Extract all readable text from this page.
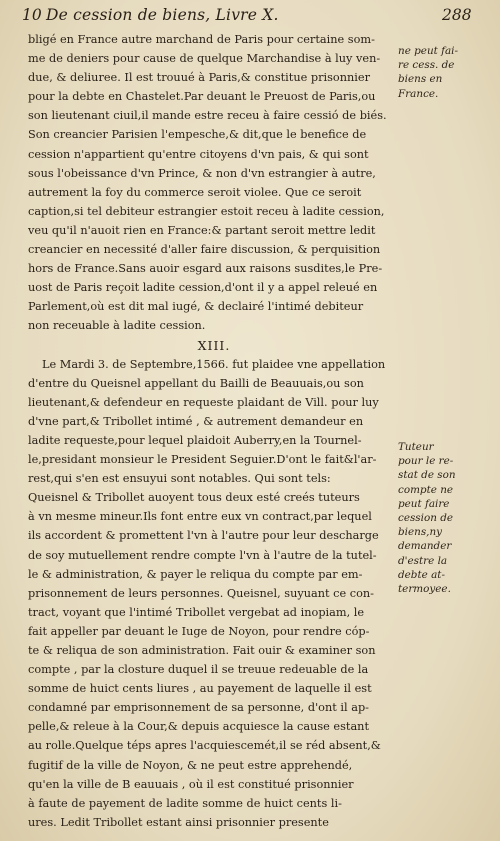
10 De cession de biens, Livre X.	288
bligé en France autre marchand de Paris pour certaine som-
me de deniers pour cause de quelque Marchandise à luy ven-
due, & deliuree. Il est trouué à Paris,& constitue prisonnier
pour la debte en Chastelet.Par deuant le Preuost de Paris,ou
son lieutenant ciuil,il mande estre receu à faire cessió de biés.
Son creancier Parisien l'empesche,& dit,que le benefice de
cession n'appartient qu'entre citoyens d'vn pais, & qui sont
sous l'obeissance d'vn Prince, & non d'vn estrangier à autre,
autrement la foy du commerce seroit violee. Que ce seroit
caption,si tel debiteur estrangier estoit receu à ladite cession,
veu qu'il n'auoit rien en France:& partant seroit mettre ledit
creancier en necessité d'aller faire discussion, & perquisition
hors de France.Sans auoir esgard aux raisons susdites,le Pre-
uost de Paris reçoit ladite cession,d'ont il y a appel releué en
Parlement,où est dit mal iugé, & declairé l'intimé debiteur
non receuable à ladite cession.
XIII.
Le Mardi 3. de Septembre,1566. fut plaidee vne appellation
d'entre du Queisnel appellant du Bailli de Beauuais,ou son
lieutenant,& defendeur en requeste plaidant de Vill. pour luy
d'vne part,& Tribollet intimé , & autrement demandeur en
ladite requeste,pour lequel plaidoit Auberry,en la Tournel-
le,presidant monsieur le President Seguier.D'ont le fait&l'ar-
rest,qui s'en est ensuyui sont notables. Qui sont tels:
Queisnel & Tribollet auoyent tous deux esté creés tuteurs
à vn mesme mineur.Ils font entre eux vn contract,par lequel
ils accordent & promettent l'vn à l'autre pour leur descharge
de soy mutuellement rendre compte l'vn à l'autre de la tutel-
le & administration, & payer le reliqua du compte par em-
prisonnement de leurs personnes. Queisnel, suyuant ce con-
tract, voyant que l'intimé Tribollet vergebat ad inopiam, le
fait appeller par deuant le Iuge de Noyon, pour rendre cóp-
te & reliqua de son administration. Fait ouir & examiner son
compte , par la closture duquel il se treuue redeuable de la
somme de huict cents liures , au payement de laquelle il est
condamné par emprisonnement de sa personne, d'ont il ap-
pelle,& releue à la Cour,& depuis acquiesce la cause estant
au rolle.Quelque téps apres l'acquiescemét,il se réd absent,&
fugitif de la ville de Noyon, & ne peut estre apprehendé,
qu'en la ville de B eauuais , où il est constitué prisonnier
à faute de payement de ladite somme de huict cents li-
ures. Ledit Tribollet estant ainsi prisonnier presente
ne peut fai-
re cess. de
biens en
France.
Tuteur
pour le re-
stat de son
compte ne
peut faire
cession de
biens,ny
demander
d'estre la
debte at-
termoyee.
